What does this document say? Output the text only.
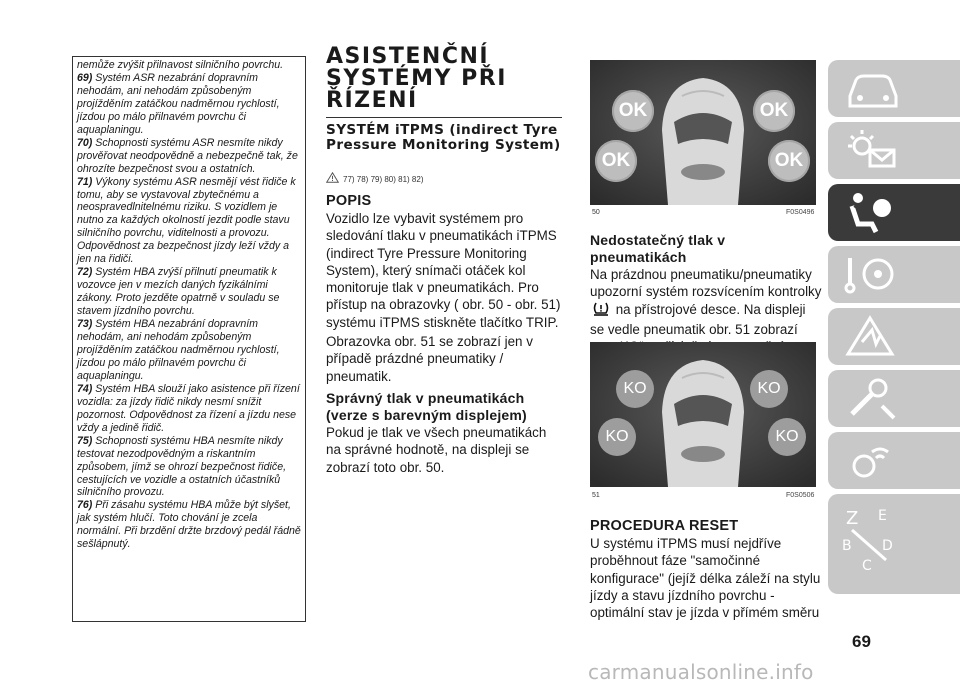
nemůže zvýšit přilnavost silničního povrchu.

69) Systém ASR nezabrání dopravním nehodám, ani nehodám způsobeným projížděním zatáčkou nadměrnou rychlostí, jízdou po málo přilnavém povrchu či aquaplaningu.

70) Schopnosti systému ASR nesmíte nikdy prověřovat neodpovědně a nebezpečně tak, že ohrozíte bezpečnost svou a ostatních.

71) Výkony systému ASR nesmějí vést řidiče k tomu, aby se vystavoval zbytečnému a neospravedlnitelnému riziku. S vozidlem je nutno za každých okolností jezdit podle stavu silničního povrchu, viditelnosti a provozu. Odpovědnost za bezpečnost jízdy leží vždy a jen na řidiči.

72) Systém HBA zvýší přilnutí pneumatik k vozovce jen v mezích daných fyzikálními zákony. Proto jezděte opatrně v souladu se stavem jízdního povrchu.

73) Systém HBA nezabrání dopravním nehodám, ani nehodám způsobeným projížděním zatáčkou nadměrnou rychlostí, jízdou po málo přilnavém povrchu či aquaplaningu.

74) Systém HBA slouží jako asistence při řízení vozidla: za jízdy řidič nikdy nesmí snížit pozornost. Odpovědnost za řízení a jízdu nese vždy a jedině řidič.

75) Schopnosti systému HBA nesmíte nikdy testovat nezodpovědným a riskantním způsobem, jímž se ohrozí bezpečnost řidiče, cestujících ve vozidle a ostatních účastníků silničního provozu.

76) Při zásahu systému HBA může být slyšet, jak systém hlučí. Toto chování je zcela normální. Při brzdění držte brzdový pedál řádně sešlápnutý.

ASISTENČNÍ
SYSTÉMY PŘI
ŘÍZENÍ
SYSTÉM iTPMS (indirect Tyre Pressure Monitoring System)
77) 78) 79) 80) 81) 82)

POPIS

Vozidlo lze vybavit systémem pro sledování tlaku v pneumatikách iTPMS (indirect Tyre Pressure Monitoring System), který snímači otáček kol monitoruje tlak v pneumatikách. Pro přístup na obrazovky ( obr. 50 - obr. 51) systému iTPMS stiskněte tlačítko TRIP.

Obrazovka obr. 51 se zobrazí jen v případě prázdné pneumatiky / pneumatik.

Správný tlak v pneumatikách (verze s barevným displejem)

Pokud je tlak ve všech pneumatikách na správné hodnotě, na displeji se zobrazí toto obr. 50.

OK	OK
OK	OK
50	F0S0496

Nedostatečný tlak v pneumatikách

Na prázdnou pneumatiku/pneumatiky upozorní systém rozsvícením kontrolky  na přístrojové desce. Na displeji se vedle pneumatik obr. 51 zobrazí

KO	KO
KO	KO
51	F0S0506

PROCEDURA RESET

U systému iTPMS musí nejdříve proběhnout fáze "samočinné konfigurace" (jejíž délka záleží na stylu jízdy a stavu jízdního povrchu - optimální stav je jízda v přímém směru

Z E
B D
C
69
carmanualsonline.info
